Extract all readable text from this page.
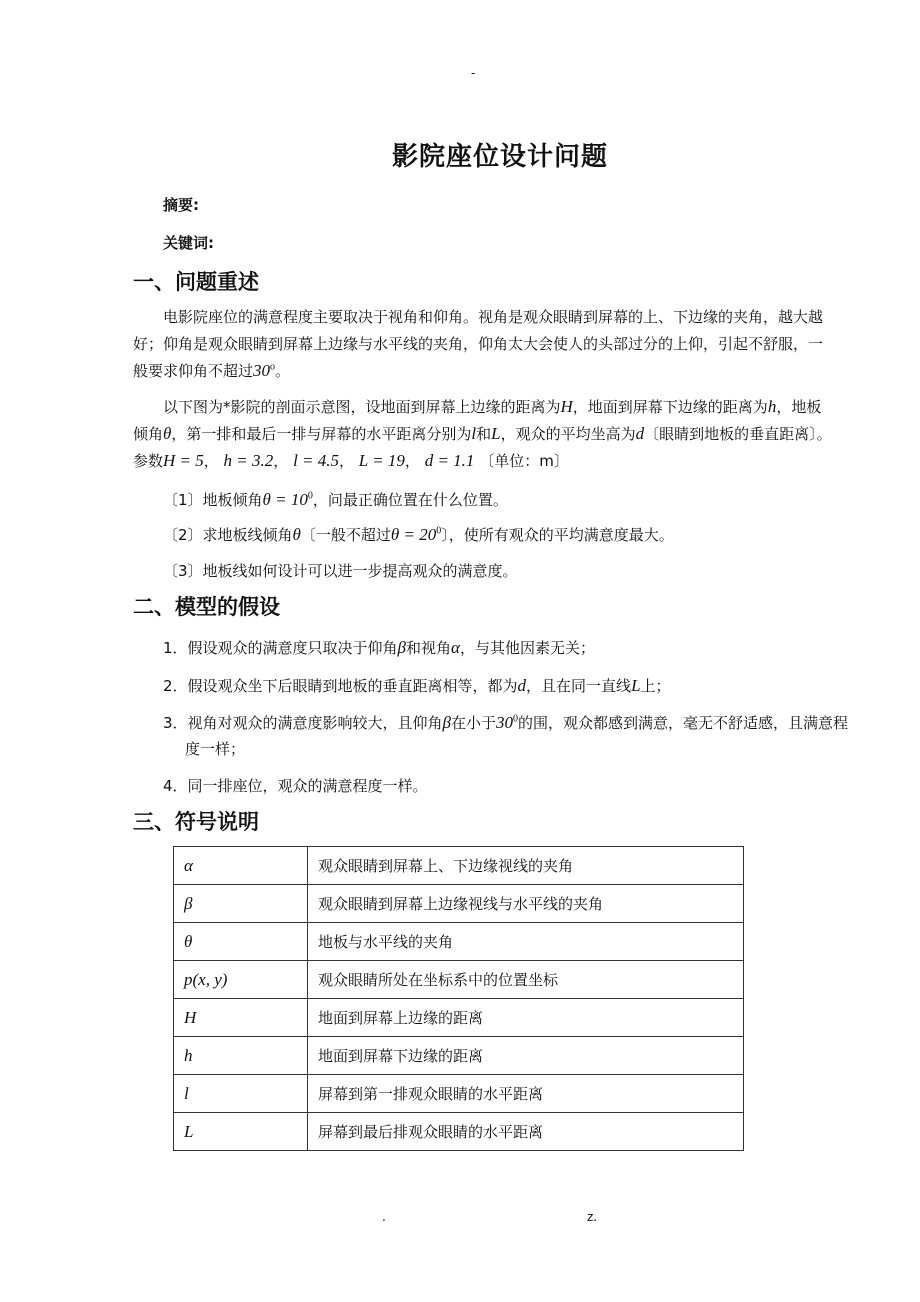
-
影院座位设计问题
摘要:
关键词:
一、问题重述
电影院座位的满意程度主要取决于视角和仰角。视角是观众眼睛到屏幕的上、下边缘的夹角，越大越好；仰角是观众眼睛到屏幕上边缘与水平线的夹角，仰角太大会使人的头部过分的上仰，引起不舒服，一般要求仰角不超过30$^o$。
以下图为*影院的剖面示意图，设地面到屏幕上边缘的距离为H，地面到屏幕下边缘的距离为h，地板倾角θ，第一排和最后一排与屏幕的水平距离分别为l和L，观众的平均坐高为d〔眼睛到地板的垂直距离〕。参数H = 5， h = 3.2， l = 4.5， L = 19， d = 1.1 〔单位：m〕
〔1〕地板倾角$\theta = 10^0$，问最正确位置在什么位置。
〔2〕求地板线倾角θ〔一般不超过$\theta = 20^0$〕，使所有观众的平均满意度最大。
〔3〕地板线如何设计可以进一步提高观众的满意度。
二、模型的假设
1．假设观众的满意度只取决于仰角β和视角α，与其他因素无关；
2．假设观众坐下后眼睛到地板的垂直距离相等，都为d，且在同一直线L上；
3．视角对观众的满意度影响较大，且仰角β在小于$30^0$的围，观众都感到满意，毫无不舒适感，且满意程度一样；
4．同一排座位，观众的满意程度一样。
三、符号说明
α	观众眼睛到屏幕上、下边缘视线的夹角
β	观众眼睛到屏幕上边缘视线与水平线的夹角
θ	地板与水平线的夹角
p(x, y)	观众眼睛所处在坐标系中的位置坐标
H	地面到屏幕上边缘的距离
h	地面到屏幕下边缘的距离
l	屏幕到第一排观众眼睛的水平距离
L	屏幕到最后排观众眼睛的水平距离
.	z.
